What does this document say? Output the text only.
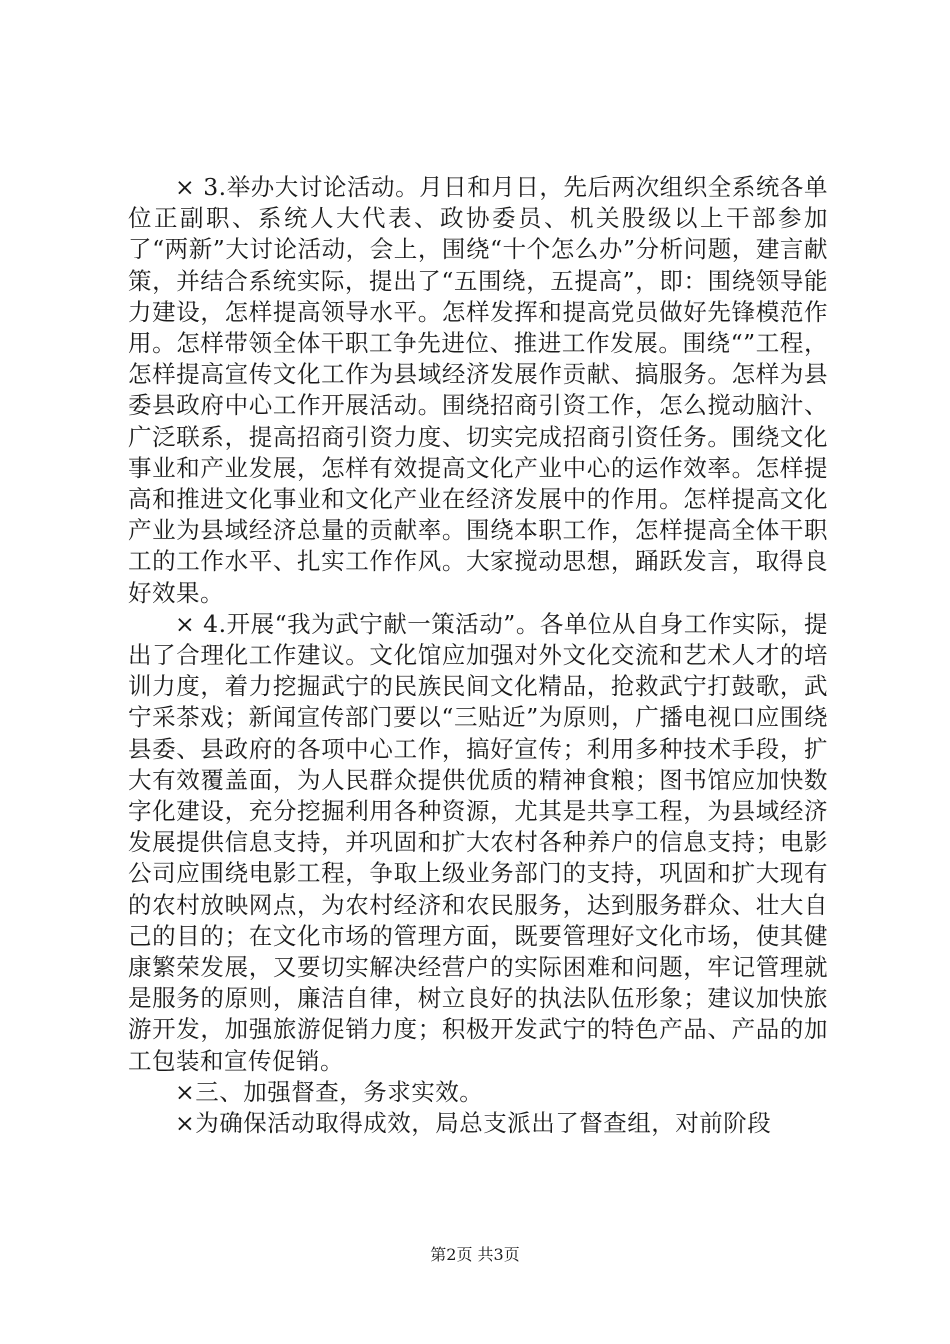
× 3.举办大讨论活动。月日和月日，先后两次组织全系统各单位正副职、系统人大代表、政协委员、机关股级以上干部参加了“两新”大讨论活动，会上，围绕“十个怎么办”分析问题，建言献策，并结合系统实际，提出了“五围绕，五提高”，即：围绕领导能力建设，怎样提高领导水平。怎样发挥和提高党员做好先锋模范作用。怎样带领全体干职工争先进位、推进工作发展。围绕“”工程，怎样提高宣传文化工作为县域经济发展作贡献、搞服务。怎样为县委县政府中心工作开展活动。围绕招商引资工作，怎么搅动脑汁、广泛联系，提高招商引资力度、切实完成招商引资任务。围绕文化事业和产业发展，怎样有效提高文化产业中心的运作效率。怎样提高和推进文化事业和文化产业在经济发展中的作用。怎样提高文化产业为县域经济总量的贡献率。围绕本职工作，怎样提高全体干职工的工作水平、扎实工作作风。大家搅动思想，踊跃发言，取得良好效果。

× 4.开展“我为武宁献一策活动”。各单位从自身工作实际，提出了合理化工作建议。文化馆应加强对外文化交流和艺术人才的培训力度，着力挖掘武宁的民族民间文化精品，抢救武宁打鼓歌，武宁采茶戏；新闻宣传部门要以“三贴近”为原则，广播电视口应围绕县委、县政府的各项中心工作，搞好宣传；利用多种技术手段，扩大有效覆盖面，为人民群众提供优质的精神食粮；图书馆应加快数字化建设，充分挖掘利用各种资源，尤其是共享工程，为县域经济发展提供信息支持，并巩固和扩大农村各种养户的信息支持；电影公司应围绕电影工程，争取上级业务部门的支持，巩固和扩大现有的农村放映网点，为农村经济和农民服务，达到服务群众、壮大自己的目的；在文化市场的管理方面，既要管理好文化市场，使其健康繁荣发展，又要切实解决经营户的实际困难和问题，牢记管理就是服务的原则，廉洁自律，树立良好的执法队伍形象；建议加快旅游开发，加强旅游促销力度；积极开发武宁的特色产品、产品的加工包装和宣传促销。

×三、加强督查，务求实效。

×为确保活动取得成效，局总支派出了督查组，对前阶段

第2页 共3页
